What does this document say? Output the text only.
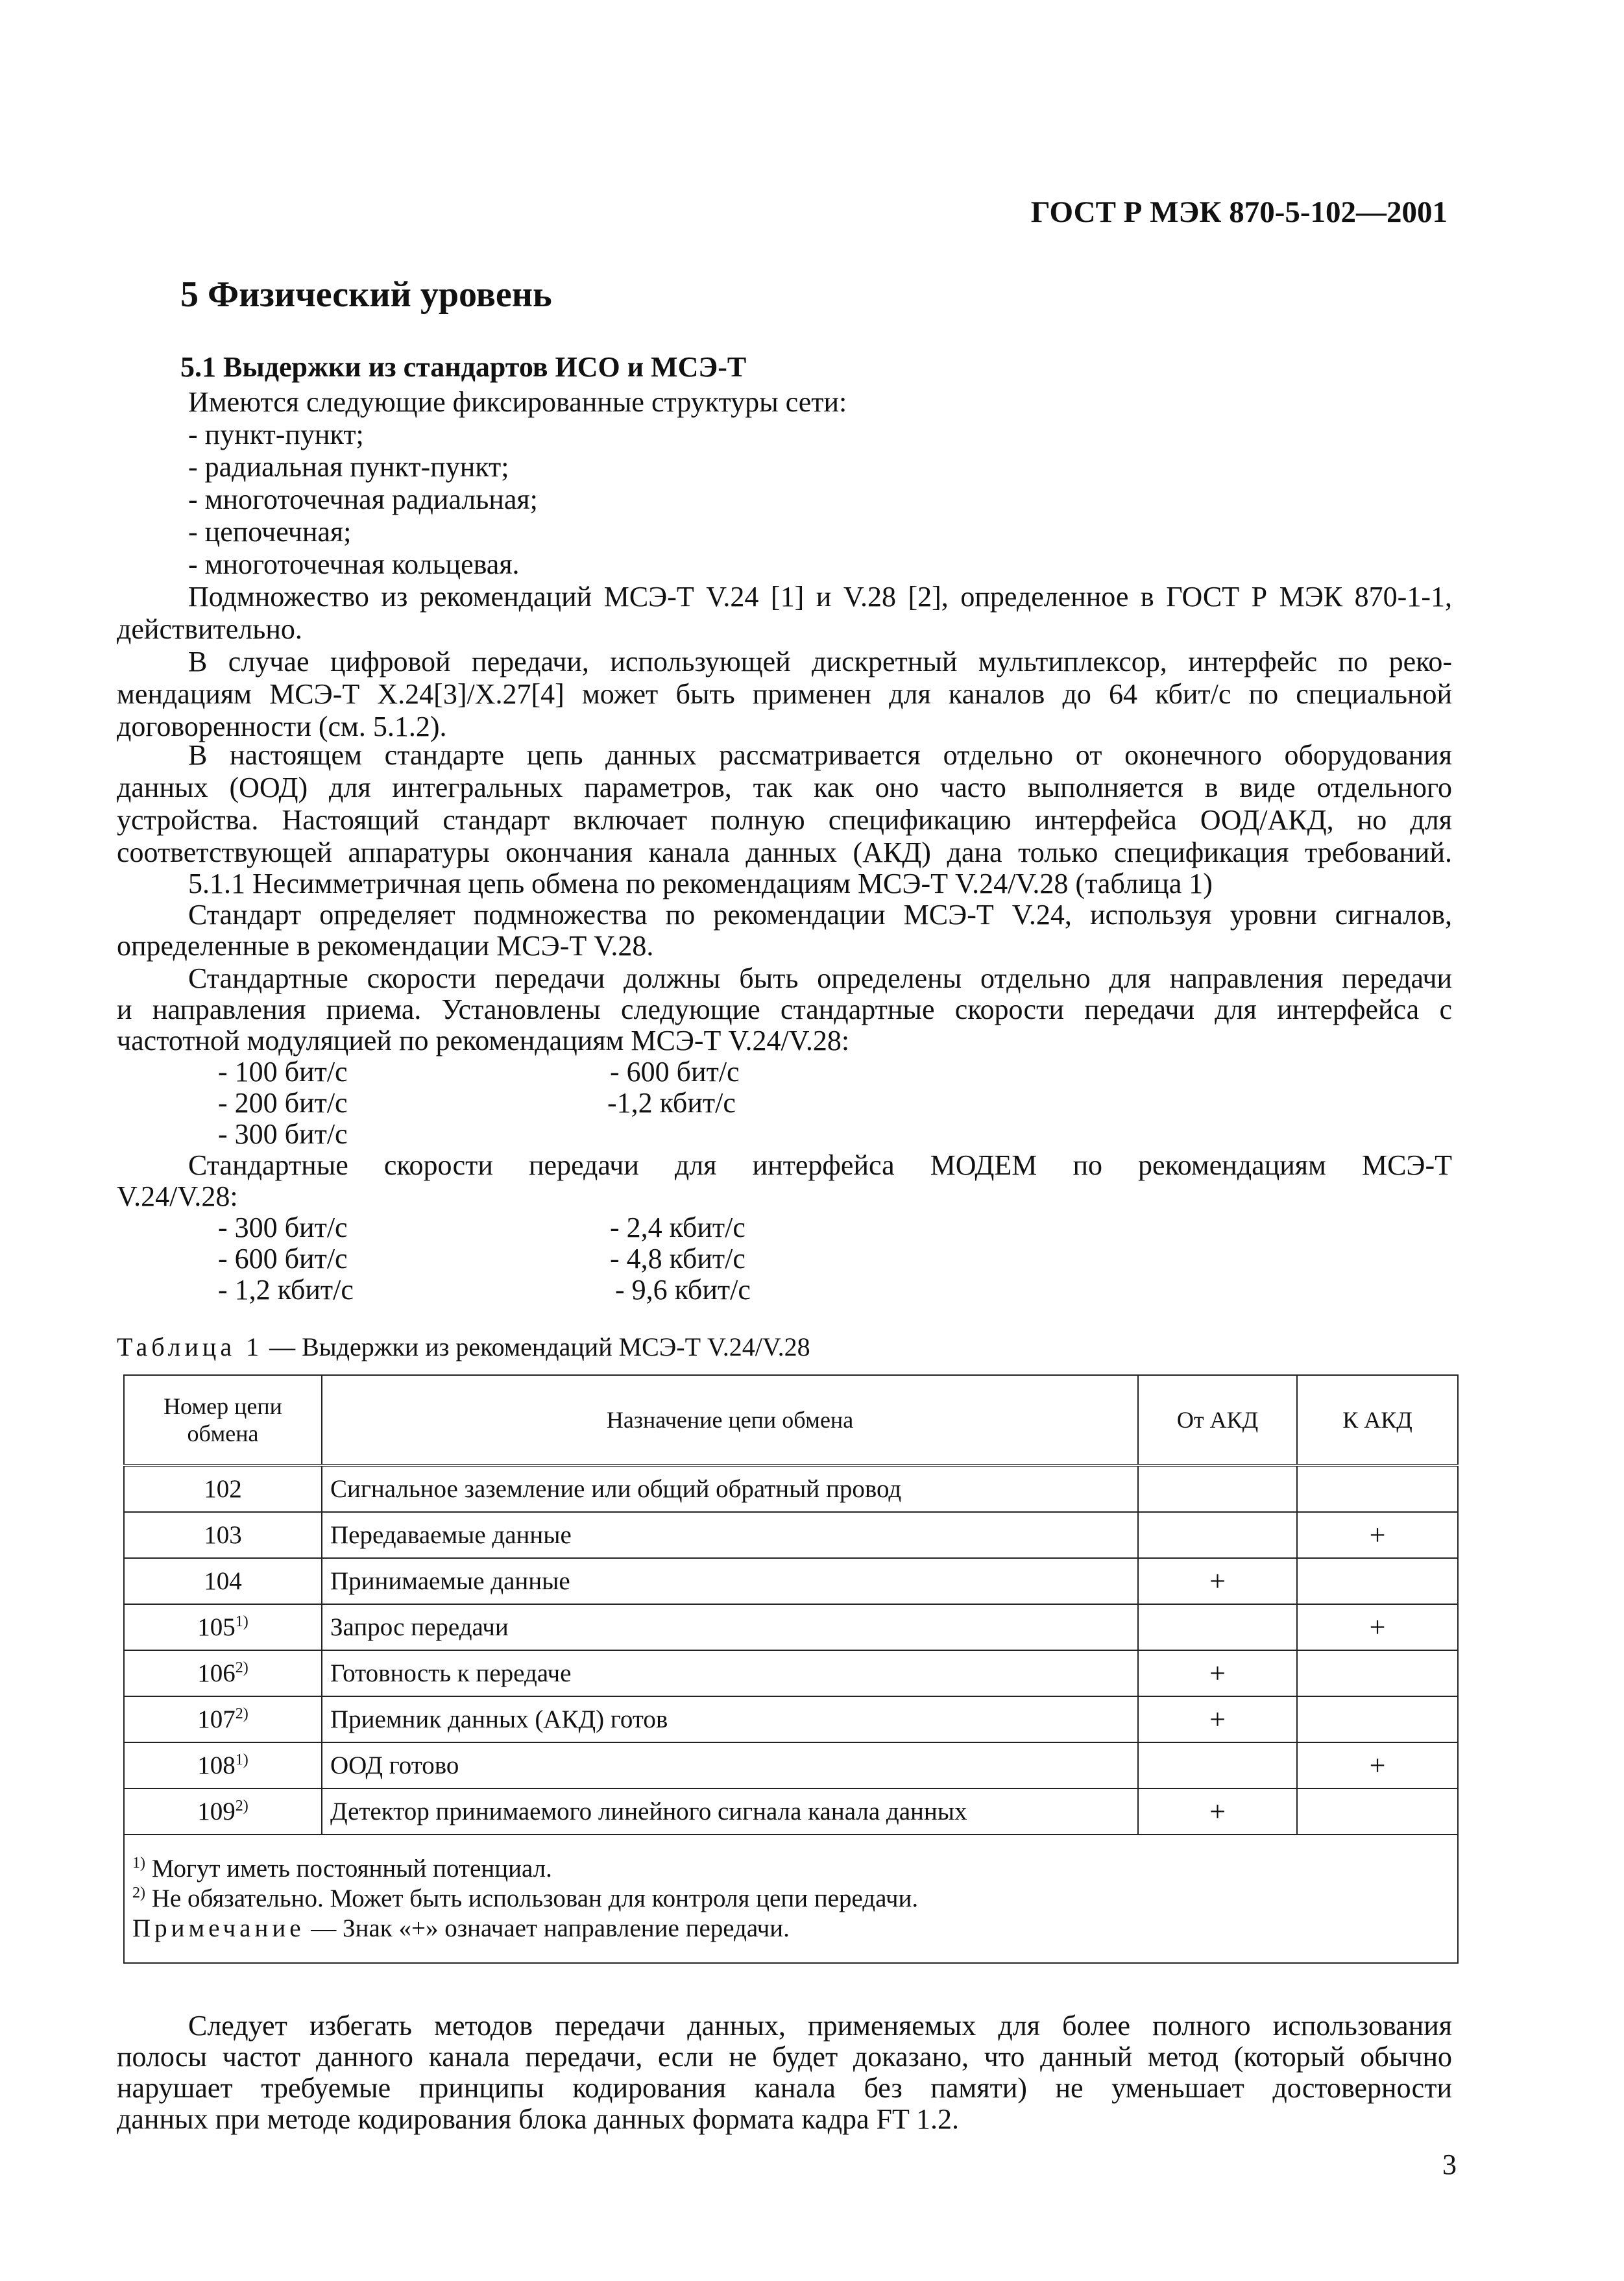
ГОСТ Р МЭК 870-5-102—2001
5 Физический уровень
5.1 Выдержки из стандартов ИСО и МСЭ-Т
Имеются следующие фиксированные структуры сети:
- пункт-пункт;
- радиальная пункт-пункт;
- многоточечная радиальная;
- цепочечная;
- многоточечная кольцевая.
Подмножество из рекомендаций МСЭ-Т V.24 [1] и V.28 [2], определенное в ГОСТ Р МЭК 870-1-1,
действительно.
В случае цифровой передачи, использующей дискретный мультиплексор, интерфейс по реко-
мендациям МСЭ-Т X.24[3]/X.27[4] может быть применен для каналов до 64 кбит/с по специальной
договоренности (см. 5.1.2).
В настоящем стандарте цепь данных рассматривается отдельно от оконечного оборудования
данных (ООД) для интегральных параметров, так как оно часто выполняется в виде отдельного
устройства. Настоящий стандарт включает полную спецификацию интерфейса ООД/АКД, но для
соответствующей аппаратуры окончания канала данных (АКД) дана только спецификация требований.
5.1.1 Несимметричная цепь обмена по рекомендациям МСЭ-Т V.24/V.28 (таблица 1)
Стандарт определяет подмножества по рекомендации МСЭ-Т V.24, используя уровни сигналов,
определенные в рекомендации МСЭ-Т V.28.
Стандартные скорости передачи должны быть определены отдельно для направления передачи
и направления приема. Установлены следующие стандартные скорости передачи для интерфейса с
частотной модуляцией по рекомендациям МСЭ-Т V.24/V.28:
- 100 бит/с	- 600 бит/с
- 200 бит/с	-1,2 кбит/с
- 300 бит/с
Стандартные скорости передачи для интерфейса МОДЕМ по рекомендациям МСЭ-Т
V.24/V.28:
- 300 бит/с	- 2,4 кбит/с
- 600 бит/с	- 4,8 кбит/с
- 1,2 кбит/с	- 9,6 кбит/с
Таблица 1 — Выдержки из рекомендаций МСЭ-Т V.24/V.28
Номер цепи обмена	Назначение цепи обмена	От АКД	К АКД
102	Сигнальное заземление или общий обратный провод		
103	Передаваемые данные		+
104	Принимаемые данные	+	
105$^{1)}$	Запрос передачи		+
$106^{2)}$	Готовность к передаче	+	
107$^{2)}$	Приемник данных (АКД) готов	+	
108$^{1)}$	ООД готово		+
$109^{2)}$	Детектор принимаемого линейного сигнала канала данных	+	

$^{1)}$ Могут иметь постоянный потенциал.
$^{2)}$ Не обязательно. Может быть использован для контроля цепи передачи.
Примечание — Знак «+» означает направление передачи.			
Следует избегать методов передачи данных, применяемых для более полного использования
полосы частот данного канала передачи, если не будет доказано, что данный метод (который обычно
нарушает требуемые принципы кодирования канала без памяти) не уменьшает достоверности
данных при методе кодирования блока данных формата кадра FT 1.2.
3
